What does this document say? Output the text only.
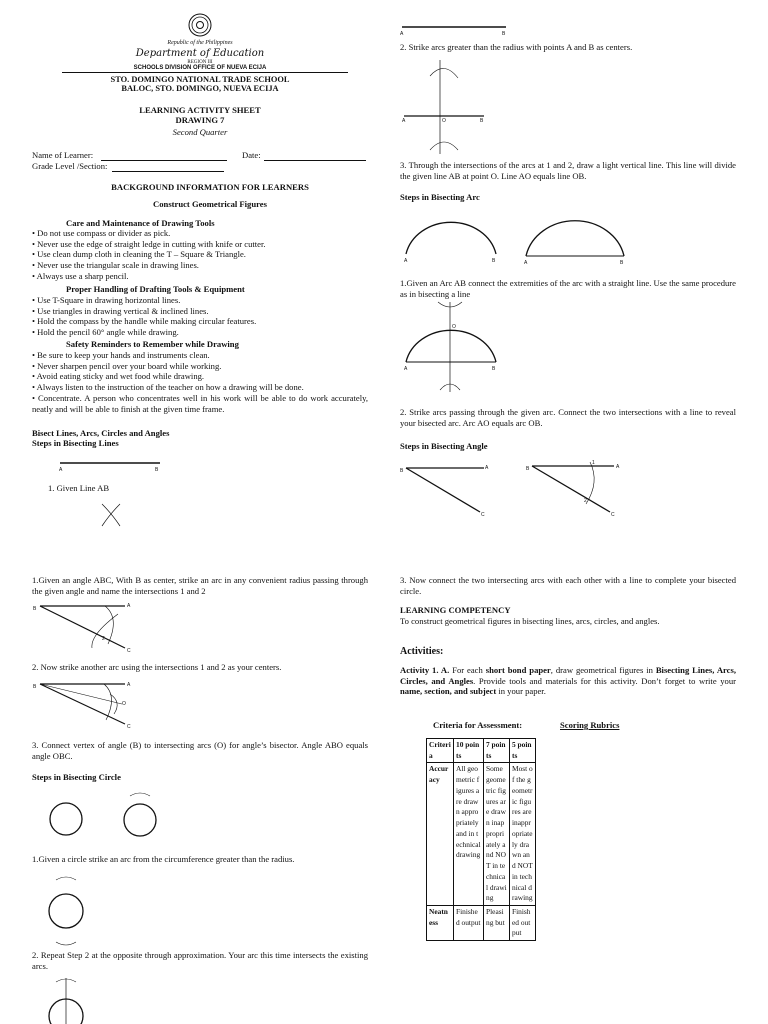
Republic of the Philippines
Department of Education
REGION III
SCHOOLS DIVISION OFFICE OF NUEVA ECIJA
STO. DOMINGO NATIONAL TRADE SCHOOL
BALOC, STO. DOMINGO, NUEVA ECIJA
LEARNING ACTIVITY SHEET
DRAWING 7
Second Quarter
Name of Learner:	Date:
Grade Level /Section:
BACKGROUND INFORMATION FOR LEARNERS
Construct Geometrical Figures
Care and Maintenance of Drawing Tools
• Do not use compass or divider as pick.
• Never use the edge of straight ledge in cutting with knife or cutter.
• Use clean dump cloth in cleaning the T – Square & Triangle.
• Never use the triangular scale in drawing lines.
• Always use a sharp pencil.
Proper Handling of Drafting Tools & Equipment
• Use T-Square in drawing horizontal lines.
• Use triangles in drawing vertical & inclined lines.
• Hold the compass by the handle while making circular features.
• Hold the pencil 60° angle while drawing.
Safety Reminders to Remember while Drawing
• Be sure to keep your hands and instruments clean.
• Never sharpen pencil over your board while working.
• Avoid eating sticky and wet food while drawing.
• Always listen to the instruction of the teacher on how a drawing will be done.
• Concentrate. A person who concentrates well in his work will be able to do work accurately, neatly and will be able to finish at the given time frame.
Bisect Lines, Arcs, Circles and Angles
Steps in Bisecting Lines
A	B
1. Given Line AB
1.Given an angle ABC, With B as center, strike an arc in any convenient radius passing through the given angle and name the intersections 1 and 2
B	A
C
2
2. Now strike another arc using the intersections 1 and 2 as your centers.
B	A
C
O
3. Connect vertex of angle (B) to intersecting arcs (O) for angle’s bisector. Angle ABO equals angle OBC.
Steps in Bisecting Circle
1.Given a circle strike an arc from the circumference greater than the radius.
2. Repeat Step 2 at the opposite through approximation. Your arc this time intersects the existing arcs.
A	B
2. Strike arcs greater than the radius with points A and B as centers.
A	O	B
3. Through the intersections of the arcs at 1 and 2, draw a light vertical line. This line will divide the given line AB at point O. Line AO equals line OB.
Steps in Bisecting Arc
A	B	A	B
1.Given an Arc AB connect the extremities of the arc with a straight line. Use the same procedure as in bisecting a line
A
O
B
2. Strike arcs passing through the given arc. Connect the two intersections with a line to reveal your bisected arc. Arc AO equals arc OB.
Steps in Bisecting Angle
B	A
C
B	A
C
1
2
3. Now connect the two intersecting arcs with each other with a line to complete your bisected circle.
LEARNING COMPETENCY
To construct geometrical figures in bisecting lines, arcs, circles, and angles.
Activities:
Activity 1. A. For each short bond paper, draw geometrical figures in Bisecting Lines, Arcs, Circles, and Angles. Provide tools and materials for this activity. Don’t forget to write your name, section, and subject in your paper.
Criteria for Assessment:	Scoring Rubrics
Criteria	10 points	7 points	5 points
Accuracy	All geometric figures are drawn appropriately and in technical drawing	Some geometric figures are drawn inappropriately and NOT in technical drawing	Most of the geometric figures are inappropriately drawn and NOT in technical drawing
Neatness	Finished output	Pleasing but	Finished output
